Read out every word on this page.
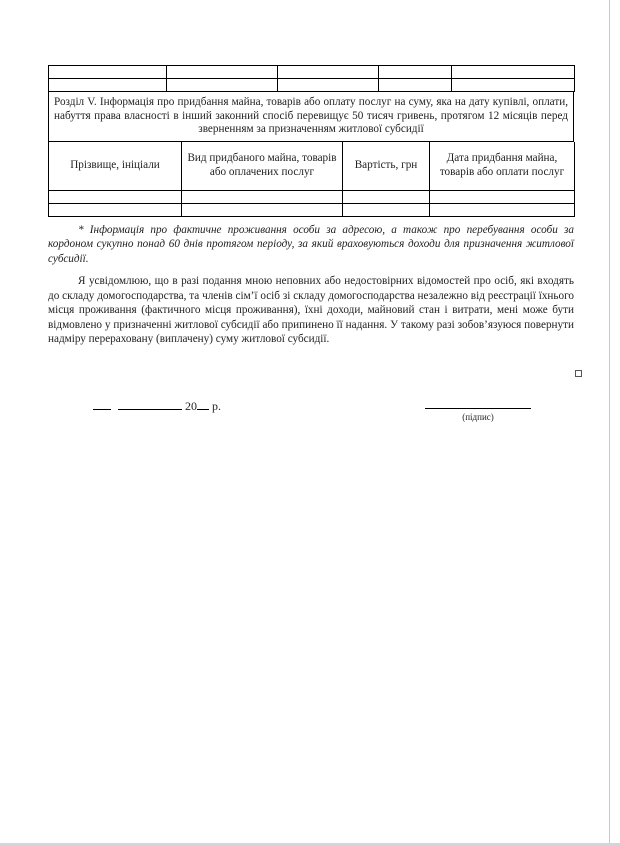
Розділ V. Інформація про придбання майна, товарів або оплату послуг на суму, яка на дату купівлі, оплати, набуття права власності в інший законний спосіб перевищує 50 тисяч гривень, протягом 12 місяців перед зверненням за призначенням житлової субсидії
Прізвище, ініціали	Вид придбаного майна, товарів або оплачених послуг	Вартість, грн	Дата придбання майна, товарів або оплати послуг

* Інформація про фактичне проживання особи за адресою, а також про перебування особи за кордоном сукупно понад 60 днів протягом періоду, за який враховуються доходи для призначення житлової субсидії.

Я усвідомлюю, що в разі подання мною неповних або недостовірних відомостей про осіб, які входять до складу домогосподарства, та членів сім’ї осіб зі складу домогосподарства незалежно від реєстрації їхнього місця проживання (фактичного місця проживання), їхні доходи, майновий стан і витрати, мені може бути відмовлено у призначенні житлової субсидії або припинено її надання. У такому разі зобов’язуюся повернути надміру перераховану (виплачену) суму житлової субсидії.

20 р.
(підпис)
